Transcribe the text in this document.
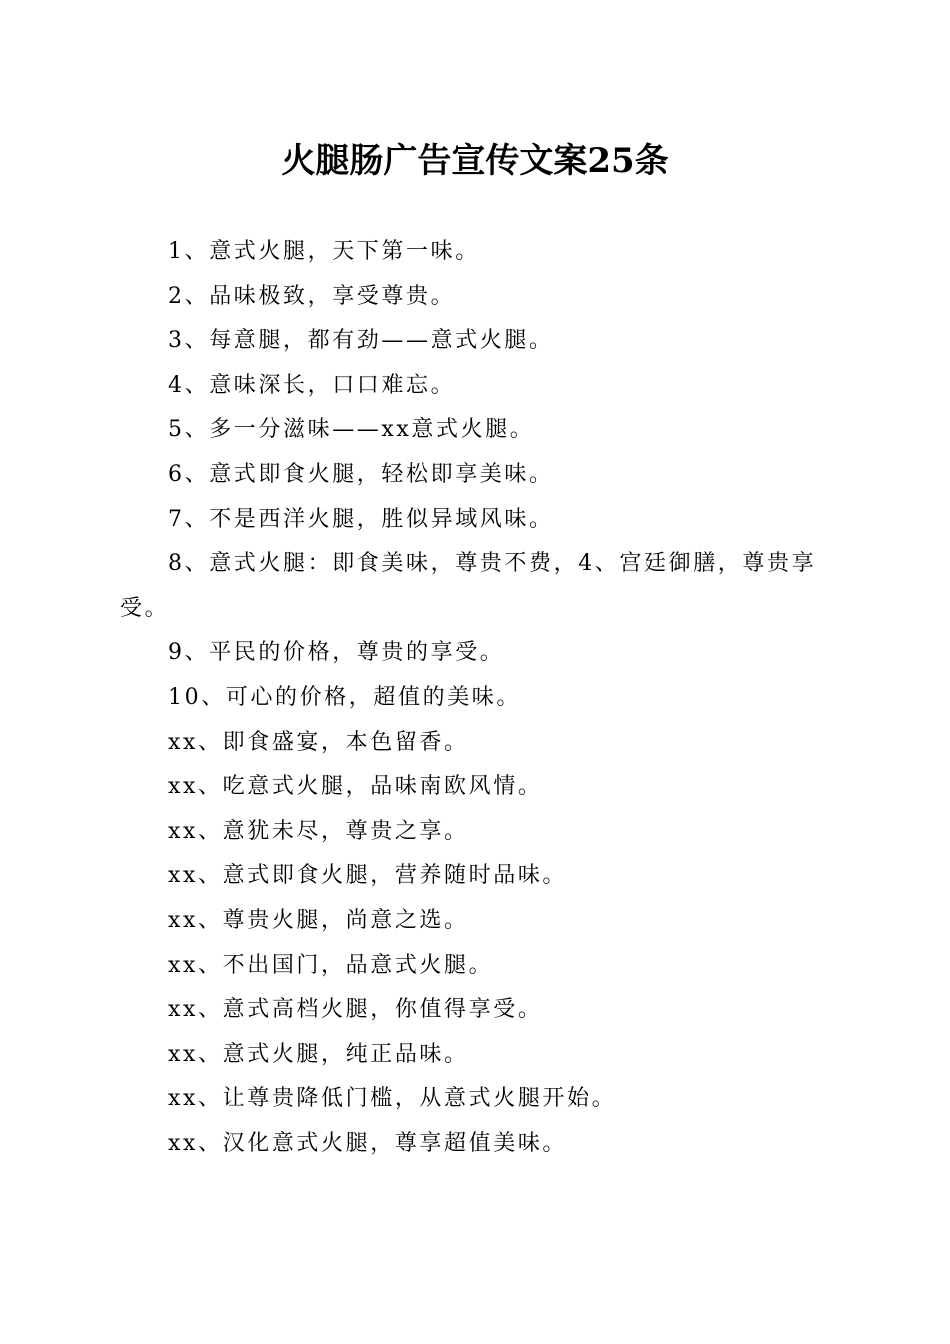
火腿肠广告宣传文案25条

1、意式火腿，天下第一味。

2、品味极致，享受尊贵。

3、每意腿，都有劲——意式火腿。

4、意味深长，口口难忘。

5、多一分滋味——xx意式火腿。

6、意式即食火腿，轻松即享美味。

7、不是西洋火腿，胜似异域风味。

8、意式火腿：即食美味，尊贵不费，4、宫廷御膳，尊贵享受。

9、平民的价格，尊贵的享受。

10、可心的价格，超值的美味。

xx、即食盛宴，本色留香。

xx、吃意式火腿，品味南欧风情。

xx、意犹未尽，尊贵之享。

xx、意式即食火腿，营养随时品味。

xx、尊贵火腿，尚意之选。

xx、不出国门，品意式火腿。

xx、意式高档火腿，你值得享受。

xx、意式火腿，纯正品味。

xx、让尊贵降低门槛，从意式火腿开始。

xx、汉化意式火腿，尊享超值美味。
